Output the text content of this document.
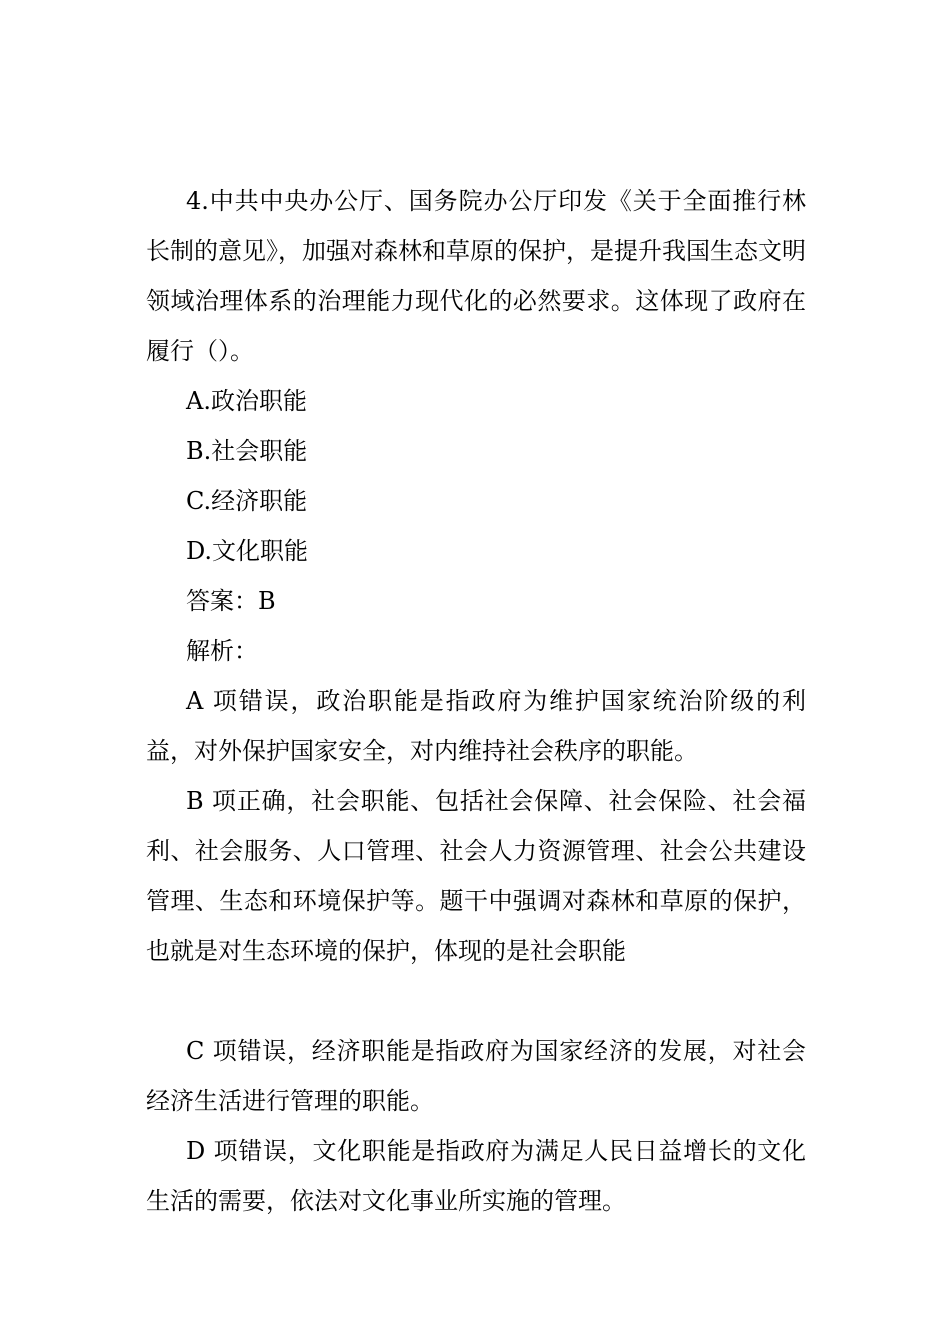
4.中共中央办公厅、国务院办公厅印发《关于全面推行林长制的意见》，加强对森林和草原的保护，是提升我国生态文明领域治理体系的治理能力现代化的必然要求。这体现了政府在履行（）。

A.政治职能

B.社会职能

C.经济职能

D.文化职能

答案：B

解析：

A 项错误，政治职能是指政府为维护国家统治阶级的利益，对外保护国家安全，对内维持社会秩序的职能。

B 项正确，社会职能、包括社会保障、社会保险、社会福利、社会服务、人口管理、社会人力资源管理、社会公共建设管理、生态和环境保护等。题干中强调对森林和草原的保护，也就是对生态环境的保护，体现的是社会职能

C 项错误，经济职能是指政府为国家经济的发展，对社会经济生活进行管理的职能。

D 项错误，文化职能是指政府为满足人民日益增长的文化生活的需要，依法对文化事业所实施的管理。
